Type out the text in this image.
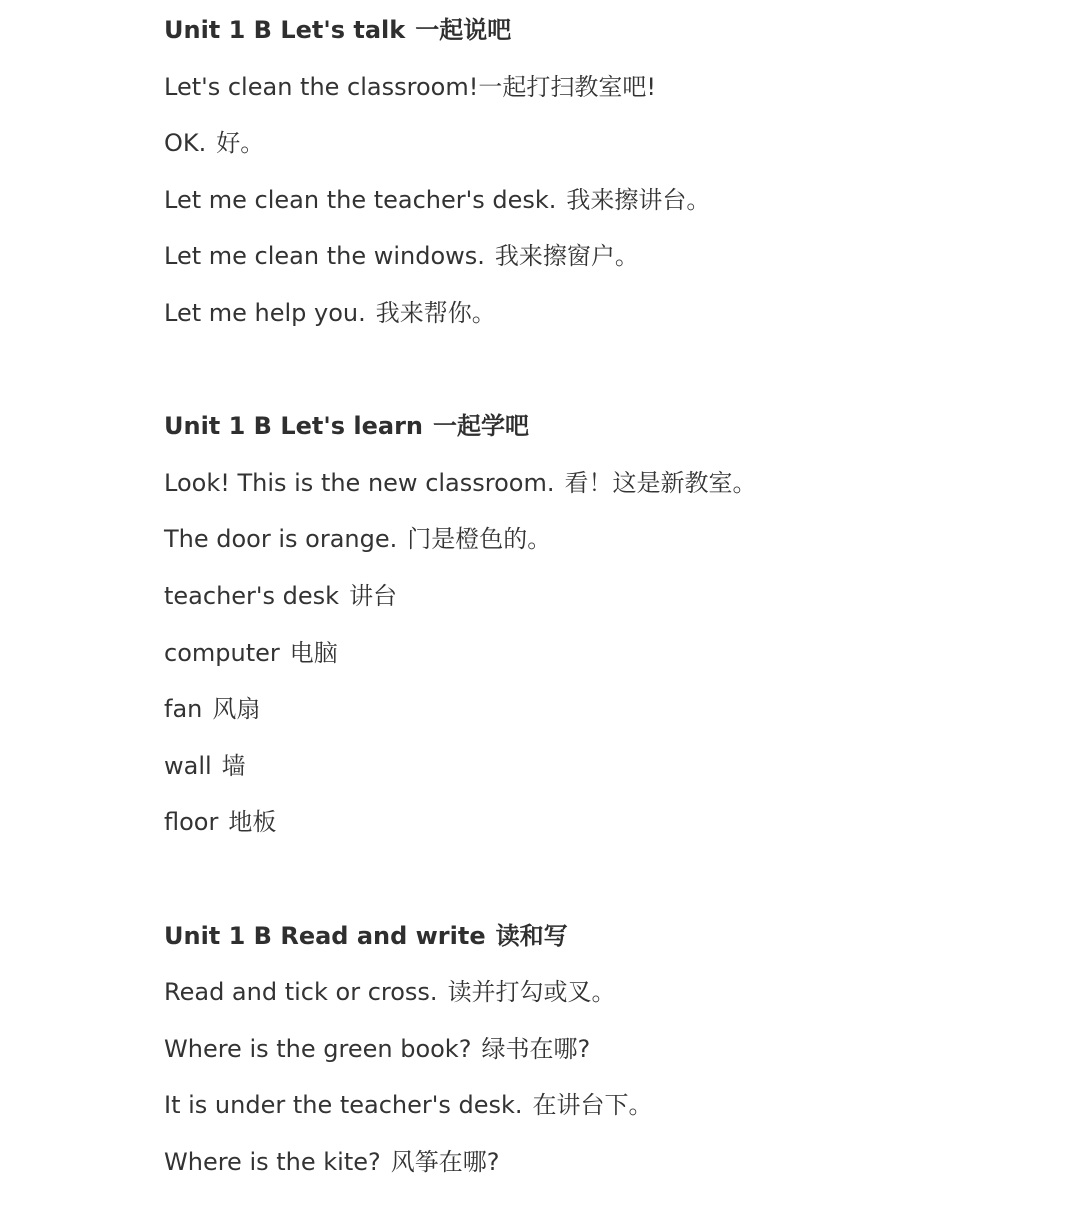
Unit 1 B Let's talk 一起说吧
Let's clean the classroom!一起打扫教室吧!
OK. 好。
Let me clean the teacher's desk. 我来擦讲台。
Let me clean the windows. 我来擦窗户。
Let me help you. 我来帮你。
Unit 1 B Let's learn 一起学吧
Look! This is the new classroom. 看！这是新教室。
The door is orange. 门是橙色的。
teacher's desk 讲台
computer 电脑
fan 风扇
wall 墙
floor 地板
Unit 1 B Read and write 读和写
Read and tick or cross. 读并打勾或叉。
Where is the green book? 绿书在哪?
It is under the teacher's desk. 在讲台下。
Where is the kite? 风筝在哪?
